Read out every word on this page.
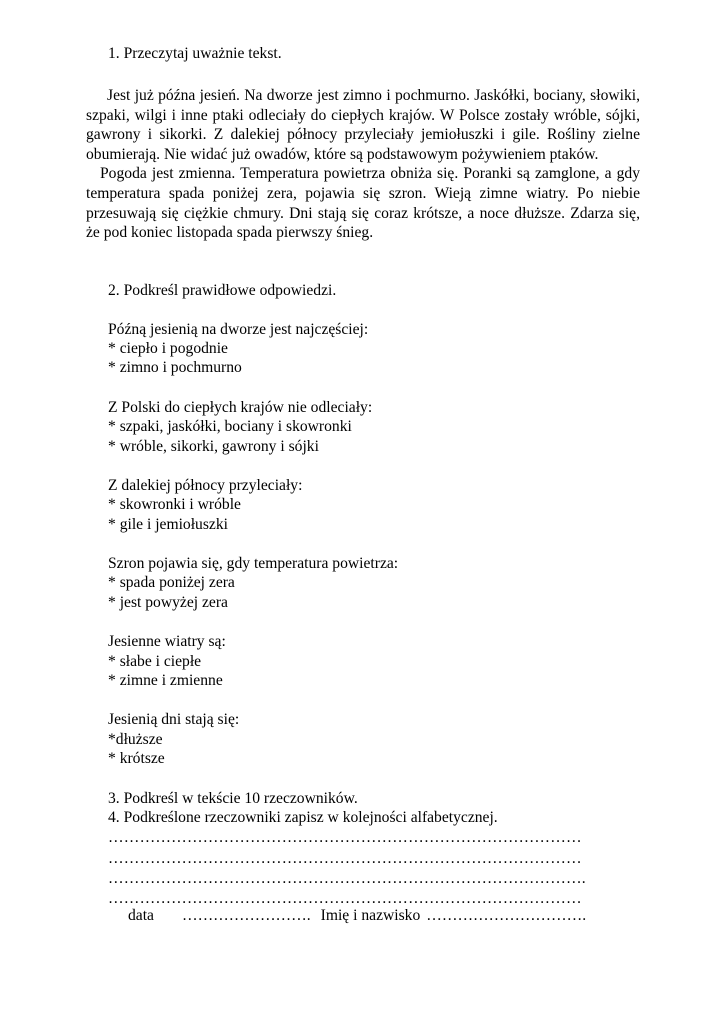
1. Przeczytaj uważnie tekst.

Jest już późna jesień. Na dworze jest zimno i pochmurno. Jaskółki, bociany, słowiki, szpaki, wilgi i inne ptaki odleciały do ciepłych krajów. W Polsce zostały wróble, sójki, gawrony i sikorki. Z dalekiej północy przyleciały jemiołuszki i gile. Rośliny zielne obumierają. Nie widać już owadów, które są podstawowym pożywieniem ptaków.

Pogoda jest zmienna. Temperatura powietrza obniża się. Poranki są zamglone, a gdy temperatura spada poniżej zera, pojawia się szron. Wieją zimne wiatry. Po niebie przesuwają się ciężkie chmury. Dni stają się coraz krótsze, a noce dłuższe. Zdarza się, że pod koniec listopada spada pierwszy śnieg.

2. Podkreśl prawidłowe odpowiedzi.
Późną jesienią na dworze jest najczęściej:
* ciepło i pogodnie
* zimno i pochmurno
Z Polski do ciepłych krajów nie odleciały:
* szpaki, jaskółki, bociany i skowronki
* wróble, sikorki, gawrony i sójki
Z dalekiej północy przyleciały:
* skowronki i wróble
* gile i jemiołuszki
Szron pojawia się, gdy temperatura powietrza:
* spada poniżej zera
* jest powyżej zera
Jesienne wiatry są:
* słabe i ciepłe
* zimne i zmienne
Jesienią dni stają się:
*dłuższe
* krótsze
3. Podkreśl w tekście 10 rzeczowników.
4. Podkreślone rzeczowniki zapisz w kolejności alfabetycznej.
………………………………………………………………………………
………………………………………………………………………………
……………………………………………………………………………….
………………………………………………………………………………
data ……………………. Imię i nazwisko ………………………….
